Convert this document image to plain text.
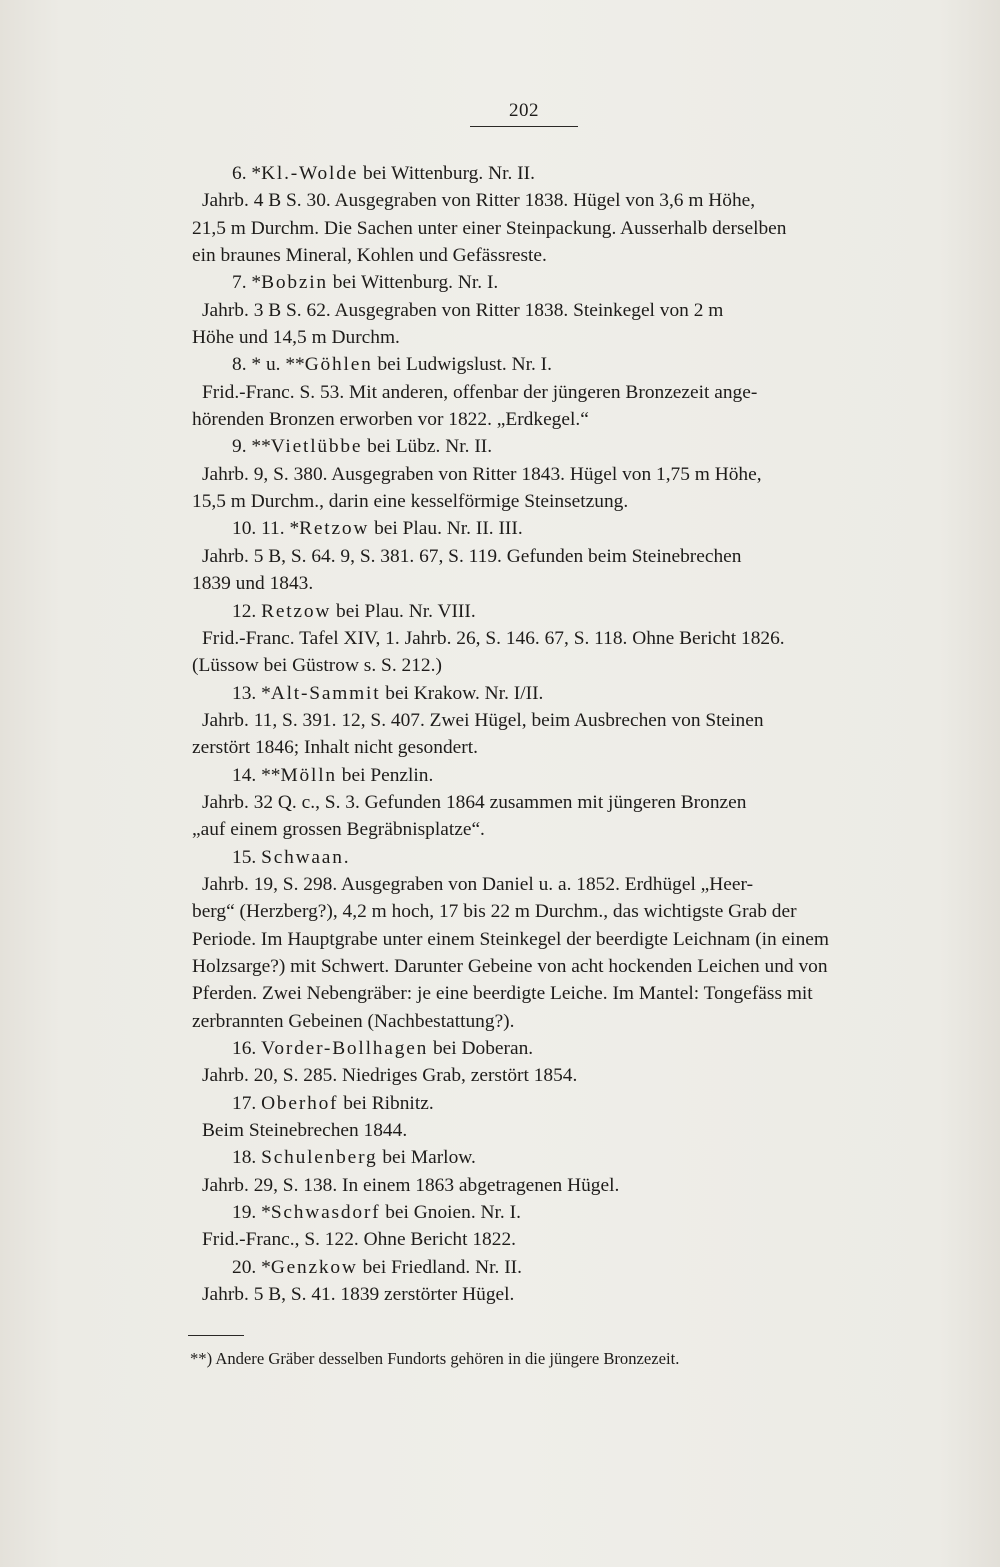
202

6. *Kl.-Wolde bei Wittenburg. Nr. II.

Jahrb. 4 B S. 30. Ausgegraben von Ritter 1838. Hügel von 3,6 m Höhe,

21,5 m Durchm. Die Sachen unter einer Steinpackung. Ausserhalb derselben

ein braunes Mineral, Kohlen und Gefässreste.

7. *Bobzin bei Wittenburg. Nr. I.

Jahrb. 3 B S. 62. Ausgegraben von Ritter 1838. Steinkegel von 2 m

Höhe und 14,5 m Durchm.

8. * u. **Göhlen bei Ludwigslust. Nr. I.

Frid.-Franc. S. 53. Mit anderen, offenbar der jüngeren Bronzezeit ange-

hörenden Bronzen erworben vor 1822. „Erdkegel.“

9. **Vietlübbe bei Lübz. Nr. II.

Jahrb. 9, S. 380. Ausgegraben von Ritter 1843. Hügel von 1,75 m Höhe,

15,5 m Durchm., darin eine kesselförmige Steinsetzung.

10. 11. *Retzow bei Plau. Nr. II. III.

Jahrb. 5 B, S. 64. 9, S. 381. 67, S. 119. Gefunden beim Steinebrechen

1839 und 1843.

12. Retzow bei Plau. Nr. VIII.

Frid.-Franc. Tafel XIV, 1. Jahrb. 26, S. 146. 67, S. 118. Ohne Bericht 1826.

(Lüssow bei Güstrow s. S. 212.)

13. *Alt-Sammit bei Krakow. Nr. I/II.

Jahrb. 11, S. 391. 12, S. 407. Zwei Hügel, beim Ausbrechen von Steinen

zerstört 1846; Inhalt nicht gesondert.

14. **Mölln bei Penzlin.

Jahrb. 32 Q. c., S. 3. Gefunden 1864 zusammen mit jüngeren Bronzen

„auf einem grossen Begräbnisplatze“.

15. Schwaan.

Jahrb. 19, S. 298. Ausgegraben von Daniel u. a. 1852. Erdhügel „Heer-

berg“ (Herzberg?), 4,2 m hoch, 17 bis 22 m Durchm., das wichtigste Grab der

Periode. Im Hauptgrabe unter einem Steinkegel der beerdigte Leichnam (in einem

Holzsarge?) mit Schwert. Darunter Gebeine von acht hockenden Leichen und von

Pferden. Zwei Nebengräber: je eine beerdigte Leiche. Im Mantel: Tongefäss mit

zerbrannten Gebeinen (Nachbestattung?).

16. Vorder-Bollhagen bei Doberan.

Jahrb. 20, S. 285. Niedriges Grab, zerstört 1854.

17. Oberhof bei Ribnitz.

Beim Steinebrechen 1844.

18. Schulenberg bei Marlow.

Jahrb. 29, S. 138. In einem 1863 abgetragenen Hügel.

19. *Schwasdorf bei Gnoien. Nr. I.

Frid.-Franc., S. 122. Ohne Bericht 1822.

20. *Genzkow bei Friedland. Nr. II.

Jahrb. 5 B, S. 41. 1839 zerstörter Hügel.

**) Andere Gräber desselben Fundorts gehören in die jüngere Bronzezeit.
